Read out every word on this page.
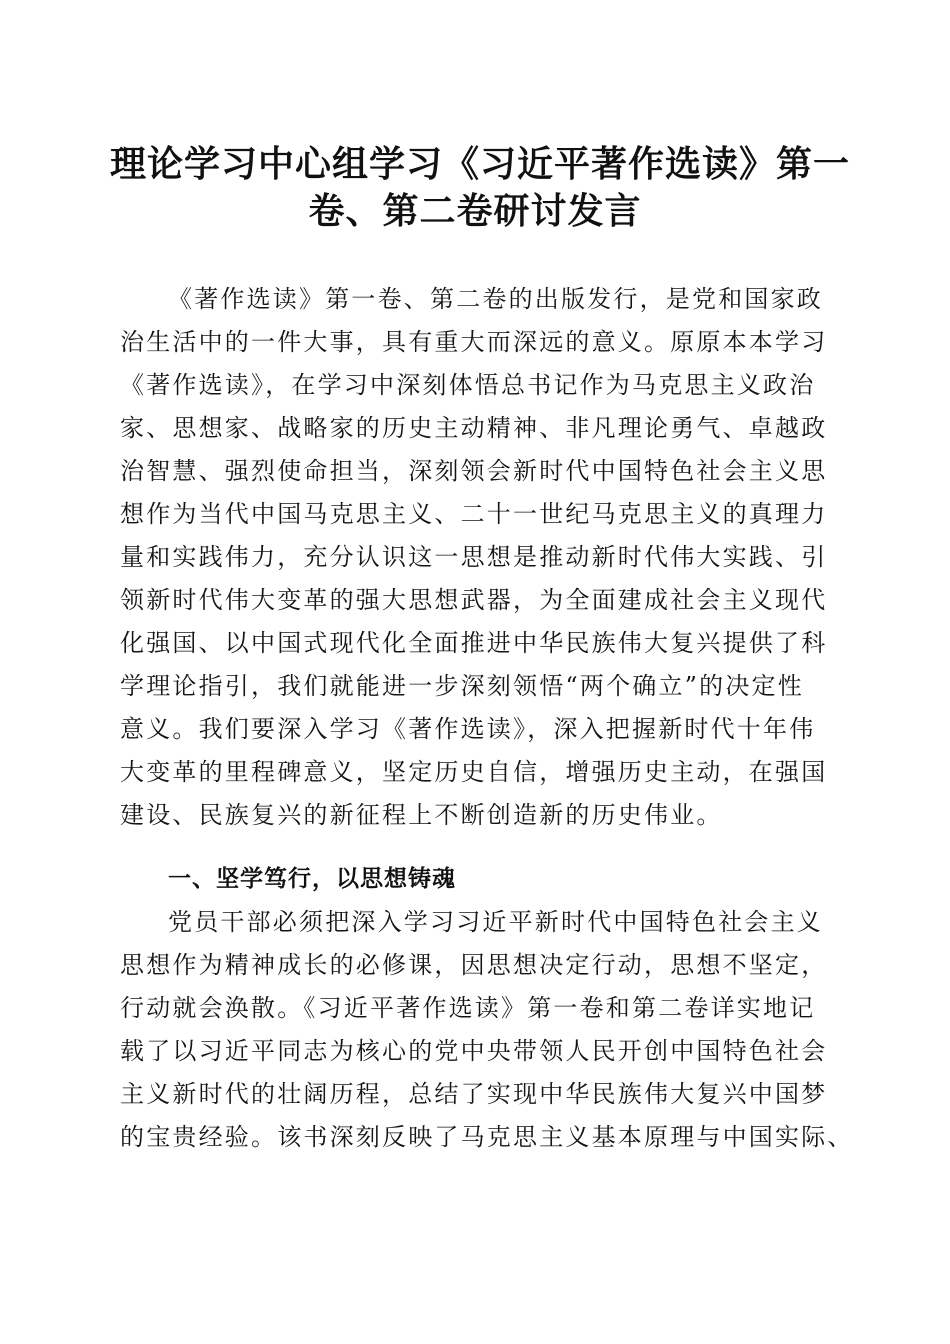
理论学习中心组学习《习近平著作选读》第一
卷、第二卷研讨发言
《著作选读》第一卷、第二卷的出版发行，是党和国家政
治生活中的一件大事，具有重大而深远的意义。原原本本学习
《著作选读》，在学习中深刻体悟总书记作为马克思主义政治
家、思想家、战略家的历史主动精神、非凡理论勇气、卓越政
治智慧、强烈使命担当，深刻领会新时代中国特色社会主义思
想作为当代中国马克思主义、二十一世纪马克思主义的真理力
量和实践伟力，充分认识这一思想是推动新时代伟大实践、引
领新时代伟大变革的强大思想武器，为全面建成社会主义现代
化强国、以中国式现代化全面推进中华民族伟大复兴提供了科
学理论指引，我们就能进一步深刻领悟“两个确立”的决定性
意义。我们要深入学习《著作选读》，深入把握新时代十年伟
大变革的里程碑意义，坚定历史自信，增强历史主动，在强国
建设、民族复兴的新征程上不断创造新的历史伟业。
一、坚学笃行，以思想铸魂
党员干部必须把深入学习习近平新时代中国特色社会主义
思想作为精神成长的必修课，因思想决定行动，思想不坚定，
行动就会涣散。《习近平著作选读》第一卷和第二卷详实地记
载了以习近平同志为核心的党中央带领人民开创中国特色社会
主义新时代的壮阔历程，总结了实现中华民族伟大复兴中国梦
的宝贵经验。该书深刻反映了马克思主义基本原理与中国实际、
